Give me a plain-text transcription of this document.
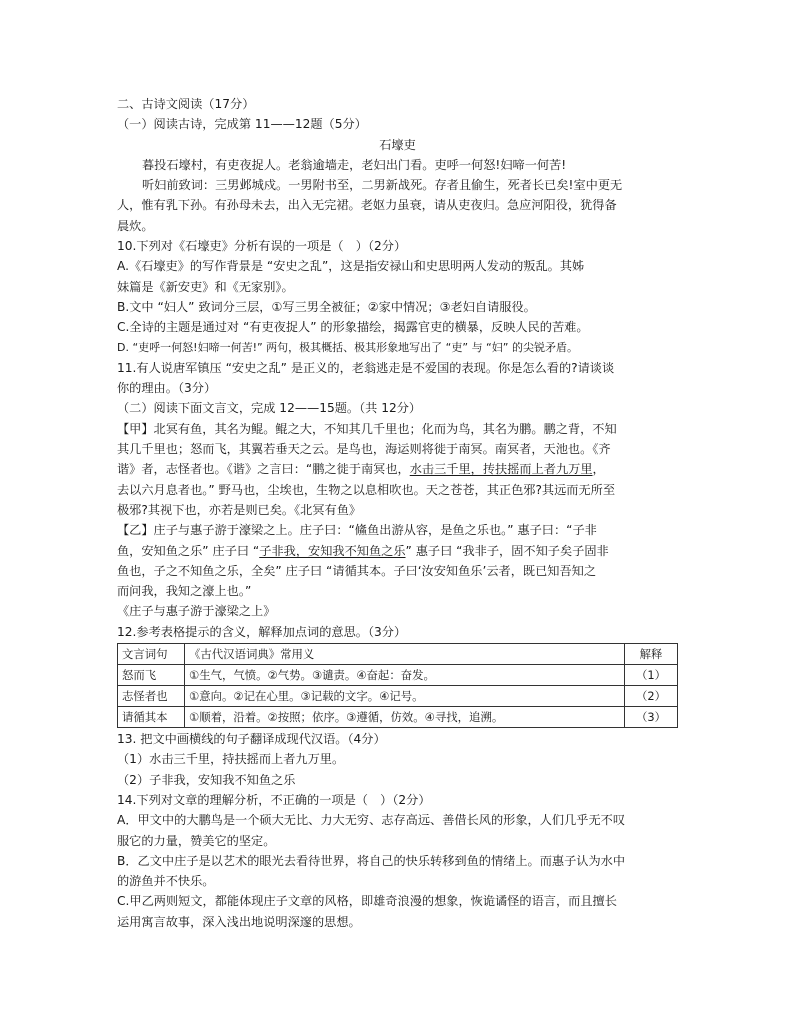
二、古诗文阅读（17分）
（一）阅读古诗，完成第 11——12题（5分）
石壕吏
暮投石壕村，有吏夜捉人。老翁逾墙走，老妇出门看。吏呼一何怒!妇啼一何苦!
听妇前致词：三男邺城戍。一男附书至，二男新战死。存者且偷生，死者长已矣!室中更无
人，惟有乳下孙。有孙母未去，出入无完裙。老妪力虽衰，请从吏夜归。急应河阳役，犹得备
晨炊。
10.下列对《石壕吏》分析有误的一项是（　）（2分）
A.《石壕吏》的写作背景是 “安史之乱”，这是指安禄山和史思明两人发动的叛乱。其姊
妹篇是《新安吏》和《无家别》。
B.文中 “妇人” 致词分三层，①写三男全被征；②家中情况；③老妇自请服役。
C.全诗的主题是通过对 “有吏夜捉人” 的形象描绘，揭露官吏的横暴，反映人民的苦难。
D. “吏呼一何怒!妇啼一何苦!” 两句，极其概括、极其形象地写出了 “吏” 与 “妇” 的尖锐矛盾。
11.有人说唐军镇压 “安史之乱” 是正义的，老翁逃走是不爱国的表现。你是怎么看的?请谈谈
你的理由。（3分）
（二）阅读下面文言文，完成 12——15题。（共 12分）
【甲】北冥有鱼，其名为鲲。鲲之大，不知其几千里也；化而为鸟，其名为鹏。鹏之背，不知
其几千里也；怒而飞，其翼若垂天之云。是鸟也，海运则将徙于南冥。南冥者，天池也。《齐
谐》者，志怪者也。《谐》之言曰：“鹏之徙于南冥也，水击三千里，抟扶摇而上者九万里，
去以六月息者也。” 野马也，尘埃也，生物之以息相吹也。天之苍苍，其正色邪?其远而无所至
极邪?其视下也，亦若是则已矣。《北冥有鱼》
【乙】庄子与惠子游于濠梁之上。庄子曰：“鯈鱼出游从容，是鱼之乐也。” 惠子曰：“子非
鱼，安知鱼之乐” 庄子曰 “子非我，安知我不知鱼之乐” 惠子曰 “我非子，固不知子矣子固非
鱼也，子之不知鱼之乐，全矣” 庄子曰 “请循其本。子曰‘汝安知鱼乐’云者，既已知吾知之
而问我，我知之濠上也。”
《庄子与惠子游于濠梁之上》
12.参考表格提示的含义，解释加点词的意思。（3分）
文言词句	《古代汉语词典》常用义	解释
怒而飞	①生气，气愤。②气势。③谴责。④奋起：奋发。	（1）
志怪者也	①意向。②记在心里。③记载的文字。④记号。	（2）
请循其本	①顺着，沿着。②按照；依序。③遵循，仿效。④寻找，追溯。	（3）
13. 把文中画横线的句子翻译成现代汉语。（4分）
（1）水击三千里，持扶摇而上者九万里。
（2）子非我，安知我不知鱼之乐
14.下列对文章的理解分析，不正确的一项是（　）（2分）
A．甲文中的大鹏鸟是一个硕大无比、力大无穷、志存高远、善借长风的形象，人们几乎无不叹
服它的力量，赞美它的坚定。
B．乙文中庄子是以艺术的眼光去看待世界，将自己的快乐转移到鱼的情绪上。而惠子认为水中
的游鱼并不快乐。
C.甲乙两则短文，都能体现庄子文章的风格，即雄奇浪漫的想象，恢诡谲怪的语言，而且擅长
运用寓言故事，深入浅出地说明深邃的思想。
